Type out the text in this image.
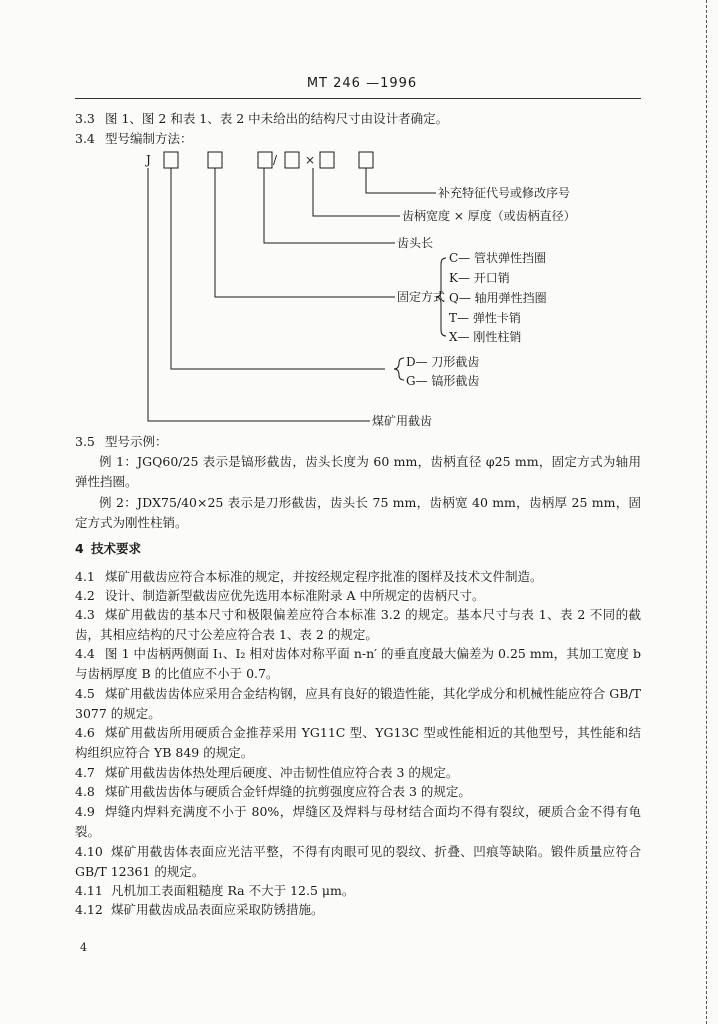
MT 246 —1996
3.3 图 1、图 2 和表 1、表 2 中未给出的结构尺寸由设计者确定。
3.4 型号编制方法：
J	/ ×
补充特征代号或修改序号
齿柄宽度 × 厚度（或齿柄直径）
齿头长
固定方式
C— 管状弹性挡圈
K— 开口销
Q— 轴用弹性挡圈
T— 弹性卡销
X— 刚性柱销
D— 刀形截齿
G— 镐形截齿
煤矿用截齿
3.5 型号示例：
例 1：JGQ60/25 表示是镐形截齿，齿头长度为 60 mm，齿柄直径 φ25 mm，固定方式为轴用弹性挡圈。
例 2：JDX75/40×25 表示是刀形截齿，齿头长 75 mm，齿柄宽 40 mm，齿柄厚 25 mm，固定方式为刚性柱销。
4 技术要求
4.1 煤矿用截齿应符合本标准的规定，并按经规定程序批准的图样及技术文件制造。
4.2 设计、制造新型截齿应优先选用本标准附录 A 中所规定的齿柄尺寸。
4.3 煤矿用截齿的基本尺寸和极限偏差应符合本标准 3.2 的规定。基本尺寸与表 1、表 2 不同的截齿，其相应结构的尺寸公差应符合表 1、表 2 的规定。
4.4 图 1 中齿柄两侧面 I₁、I₂ 相对齿体对称平面 n-n′ 的垂直度最大偏差为 0.25 mm，其加工宽度 b 与齿柄厚度 B 的比值应不小于 0.7。
4.5 煤矿用截齿齿体应采用合金结构钢，应具有良好的锻造性能，其化学成分和机械性能应符合 GB/T 3077 的规定。
4.6 煤矿用截齿所用硬质合金推荐采用 YG11C 型、YG13C 型或性能相近的其他型号，其性能和结构组织应符合 YB 849 的规定。
4.7 煤矿用截齿齿体热处理后硬度、冲击韧性值应符合表 3 的规定。
4.8 煤矿用截齿齿体与硬质合金钎焊缝的抗剪强度应符合表 3 的规定。
4.9 焊缝内焊料充满度不小于 80%，焊缝区及焊料与母材结合面均不得有裂纹，硬质合金不得有龟裂。
4.10 煤矿用截齿体表面应光洁平整，不得有肉眼可见的裂纹、折叠、凹痕等缺陷。锻件质量应符合 GB/T 12361 的规定。
4.11 凡机加工表面粗糙度 Ra 不大于 12.5 μm。
4.12 煤矿用截齿成品表面应采取防锈措施。
4
